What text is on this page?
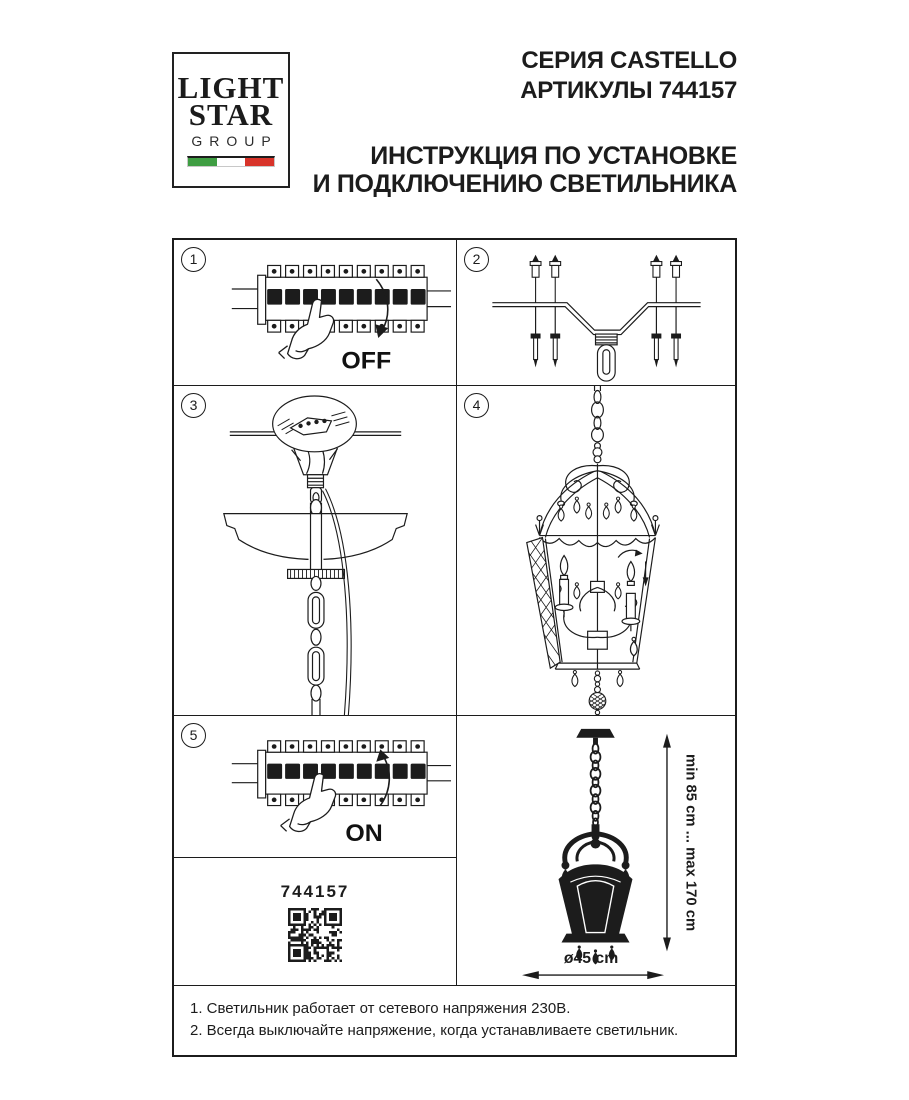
LIGHT
STAR
GROUP
СЕРИЯ CASTELLO
АРТИКУЛЫ 744157
ИНСТРУКЦИЯ ПО УСТАНОВКЕ
И ПОДКЛЮЧЕНИЮ СВЕТИЛЬНИКА
1
OFF
2
3	4
5
ON
744157	min 85 cm ... max 170 cm
ø45 cm
1. Светильник работает от сетевого напряжения 230В.
2. Всегда выключайте напряжение, когда устанавливаете светильник.
